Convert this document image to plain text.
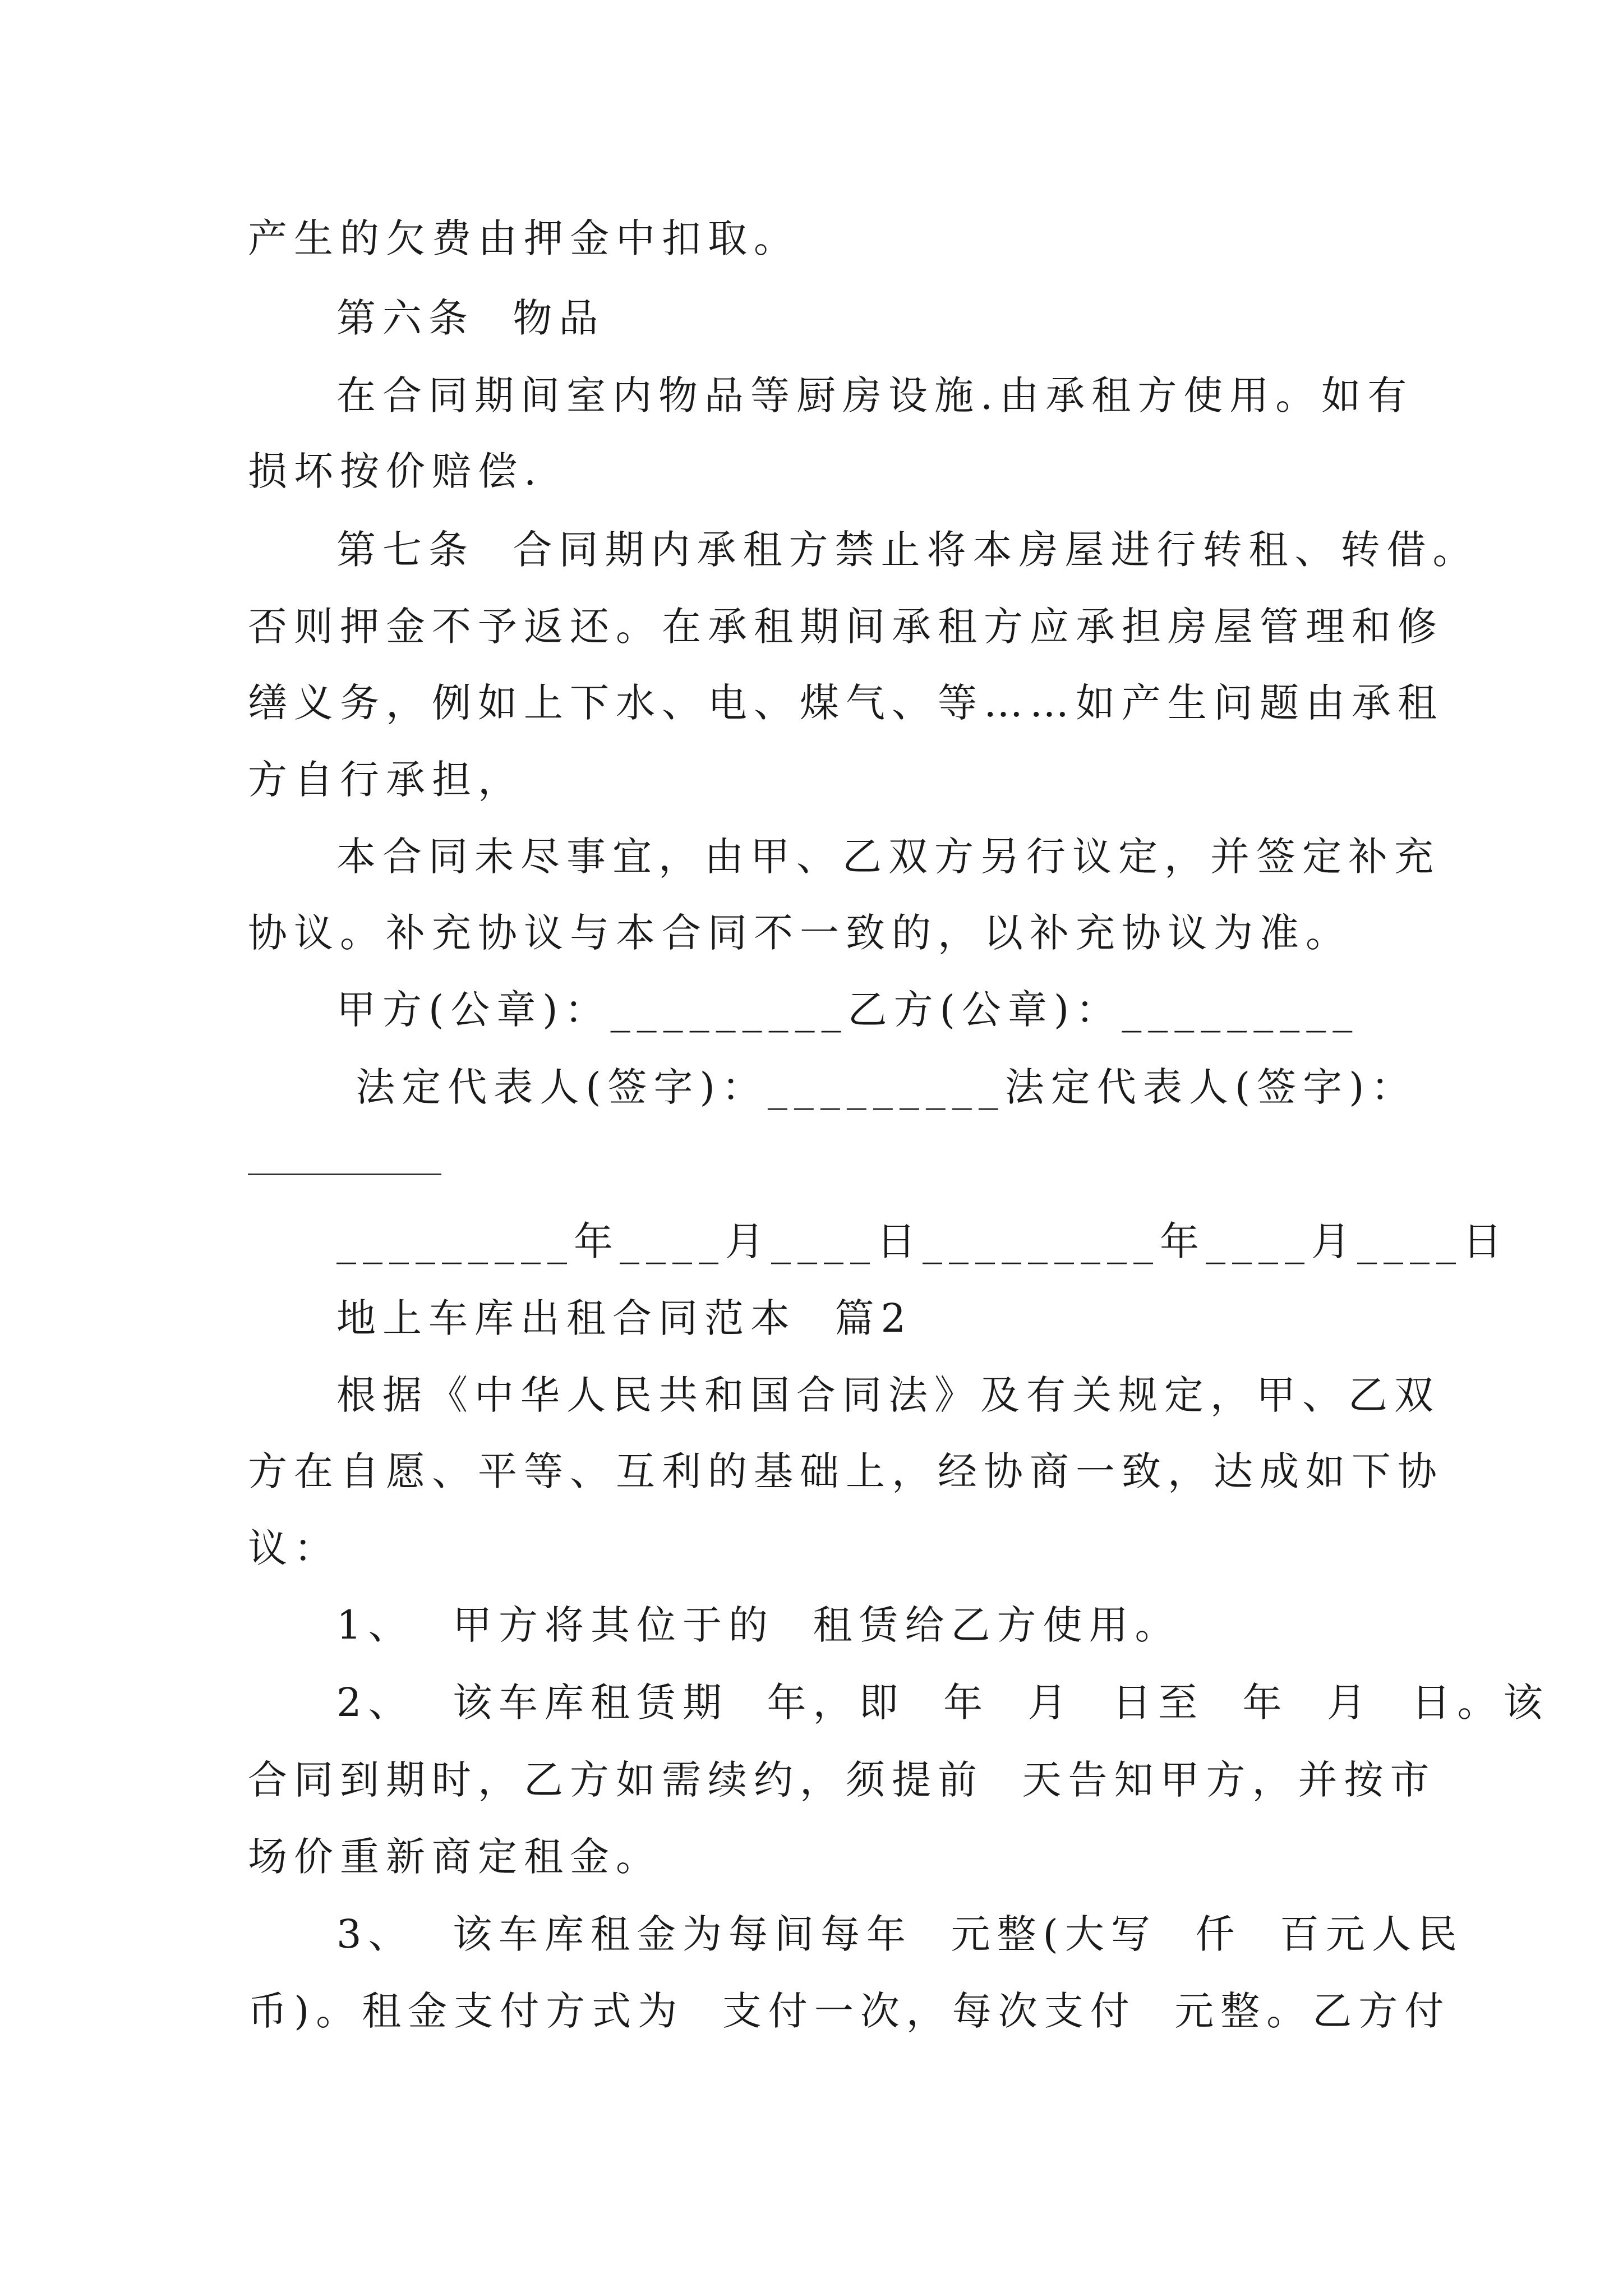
产生的欠费由押金中扣取。
第六条  物品
在合同期间室内物品等厨房设施.由承租方使用。如有
损坏按价赔偿.
第七条  合同期内承租方禁止将本房屋进行转租、转借。
否则押金不予返还。在承租期间承租方应承担房屋管理和修
缮义务，例如上下水、电、煤气、等……如产生问题由承租
方自行承担，
本合同未尽事宜，由甲、乙双方另行议定，并签定补充
协议。补充协议与本合同不一致的，以补充协议为准。
甲方(公章)：_________乙方(公章)：_________
法定代表人(签字)：_________法定代表人(签字)：
_________年____月____日_________年____月____日
地上车库出租合同范本  篇2
根据《中华人民共和国合同法》及有关规定，甲、乙双
方在自愿、平等、互利的基础上，经协商一致，达成如下协
议：
1、  甲方将其位于的  租赁给乙方使用。
2、  该车库租赁期  年，即  年  月  日至  年  月  日。该
合同到期时，乙方如需续约，须提前  天告知甲方，并按市
场价重新商定租金。
3、  该车库租金为每间每年  元整(大写  仟  百元人民
币)。租金支付方式为  支付一次，每次支付  元整。乙方付
